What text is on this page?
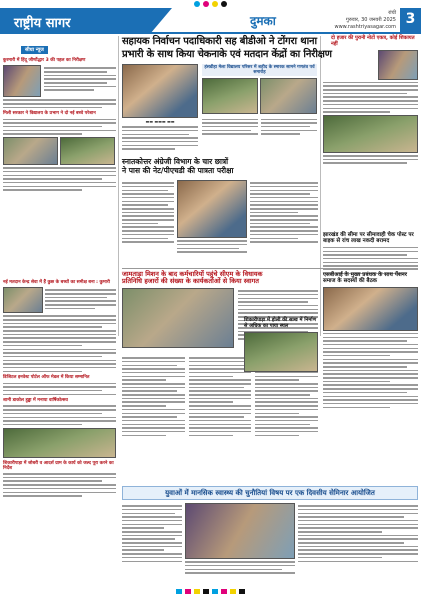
राष्ट्रीय सागर	दुमका
रांची
गुरुवार, 30 जनवरी 2025
www.rashtriyasagar.com 3
सीधा न्यूज
कुरमारी में हिंदू जीर्णोद्धार 3 की पहल का निरीक्षण
मिली सरकार ने विद्यालय के प्रभाग ने दो नई बच्चे परेशान
सहायक निर्वाचन पदाधिकारी सह बीडीओ ने टोंगरा थाना
प्रभारी के साथ किया चेकनाके एवं मतदान केंद्रों का निरीक्षण
▬▬ ▬▬▬ ▬▬
हंसडीहा मेला विद्यालय परिसर में शहीद के स्मारक सामने गणतंत्र पर्व समारोह
दो हजार की पुरानी नोटों एकत्र, कोई शिकायत नहीं
स्नातकोत्तर अंग्रेजी विभाग के चार छात्रों
ने पास की नेट/पीएचडी की पात्रता परीक्षा
झारखंड की सीमा पर सीमावाही चेक पोस्ट पर बाइक से रांच लाख नकदी बरामद
जामताड़ा मिशन के बाद कर्मचारियों पहुंचे सीएम के विधायक
प्रतिनिधि हजारों की संख्या के कार्यकर्ताओं से किया स्वागत
शिकारीपाड़ा में होली की साख में निर्माण से अधिक का पाया स्थल
एसबीआई के मुख्य प्रबंधक के साथ पेंशनर समाज के सदस्यों की बैठक
नई मतदान केन्द्र सेवा में हैं कुछ के बच्चों का समीक्ष बना : कुमारी
डिजिटल इनवेस्ट पोर्टल ऑफ मेडल में किया सम्मानित
शामी डाकोल हुड्डा में मनाया वार्षिकोत्सव
शिकारीपाड़ा में जोबरी व आदर्श ग्राम के कार्य को जल्द पूरा करने का निर्देश
युवाओं में मानसिक स्वास्थ्य की चुनौतियां विषय पर एक दिवसीय सेमिनार आयोजित
